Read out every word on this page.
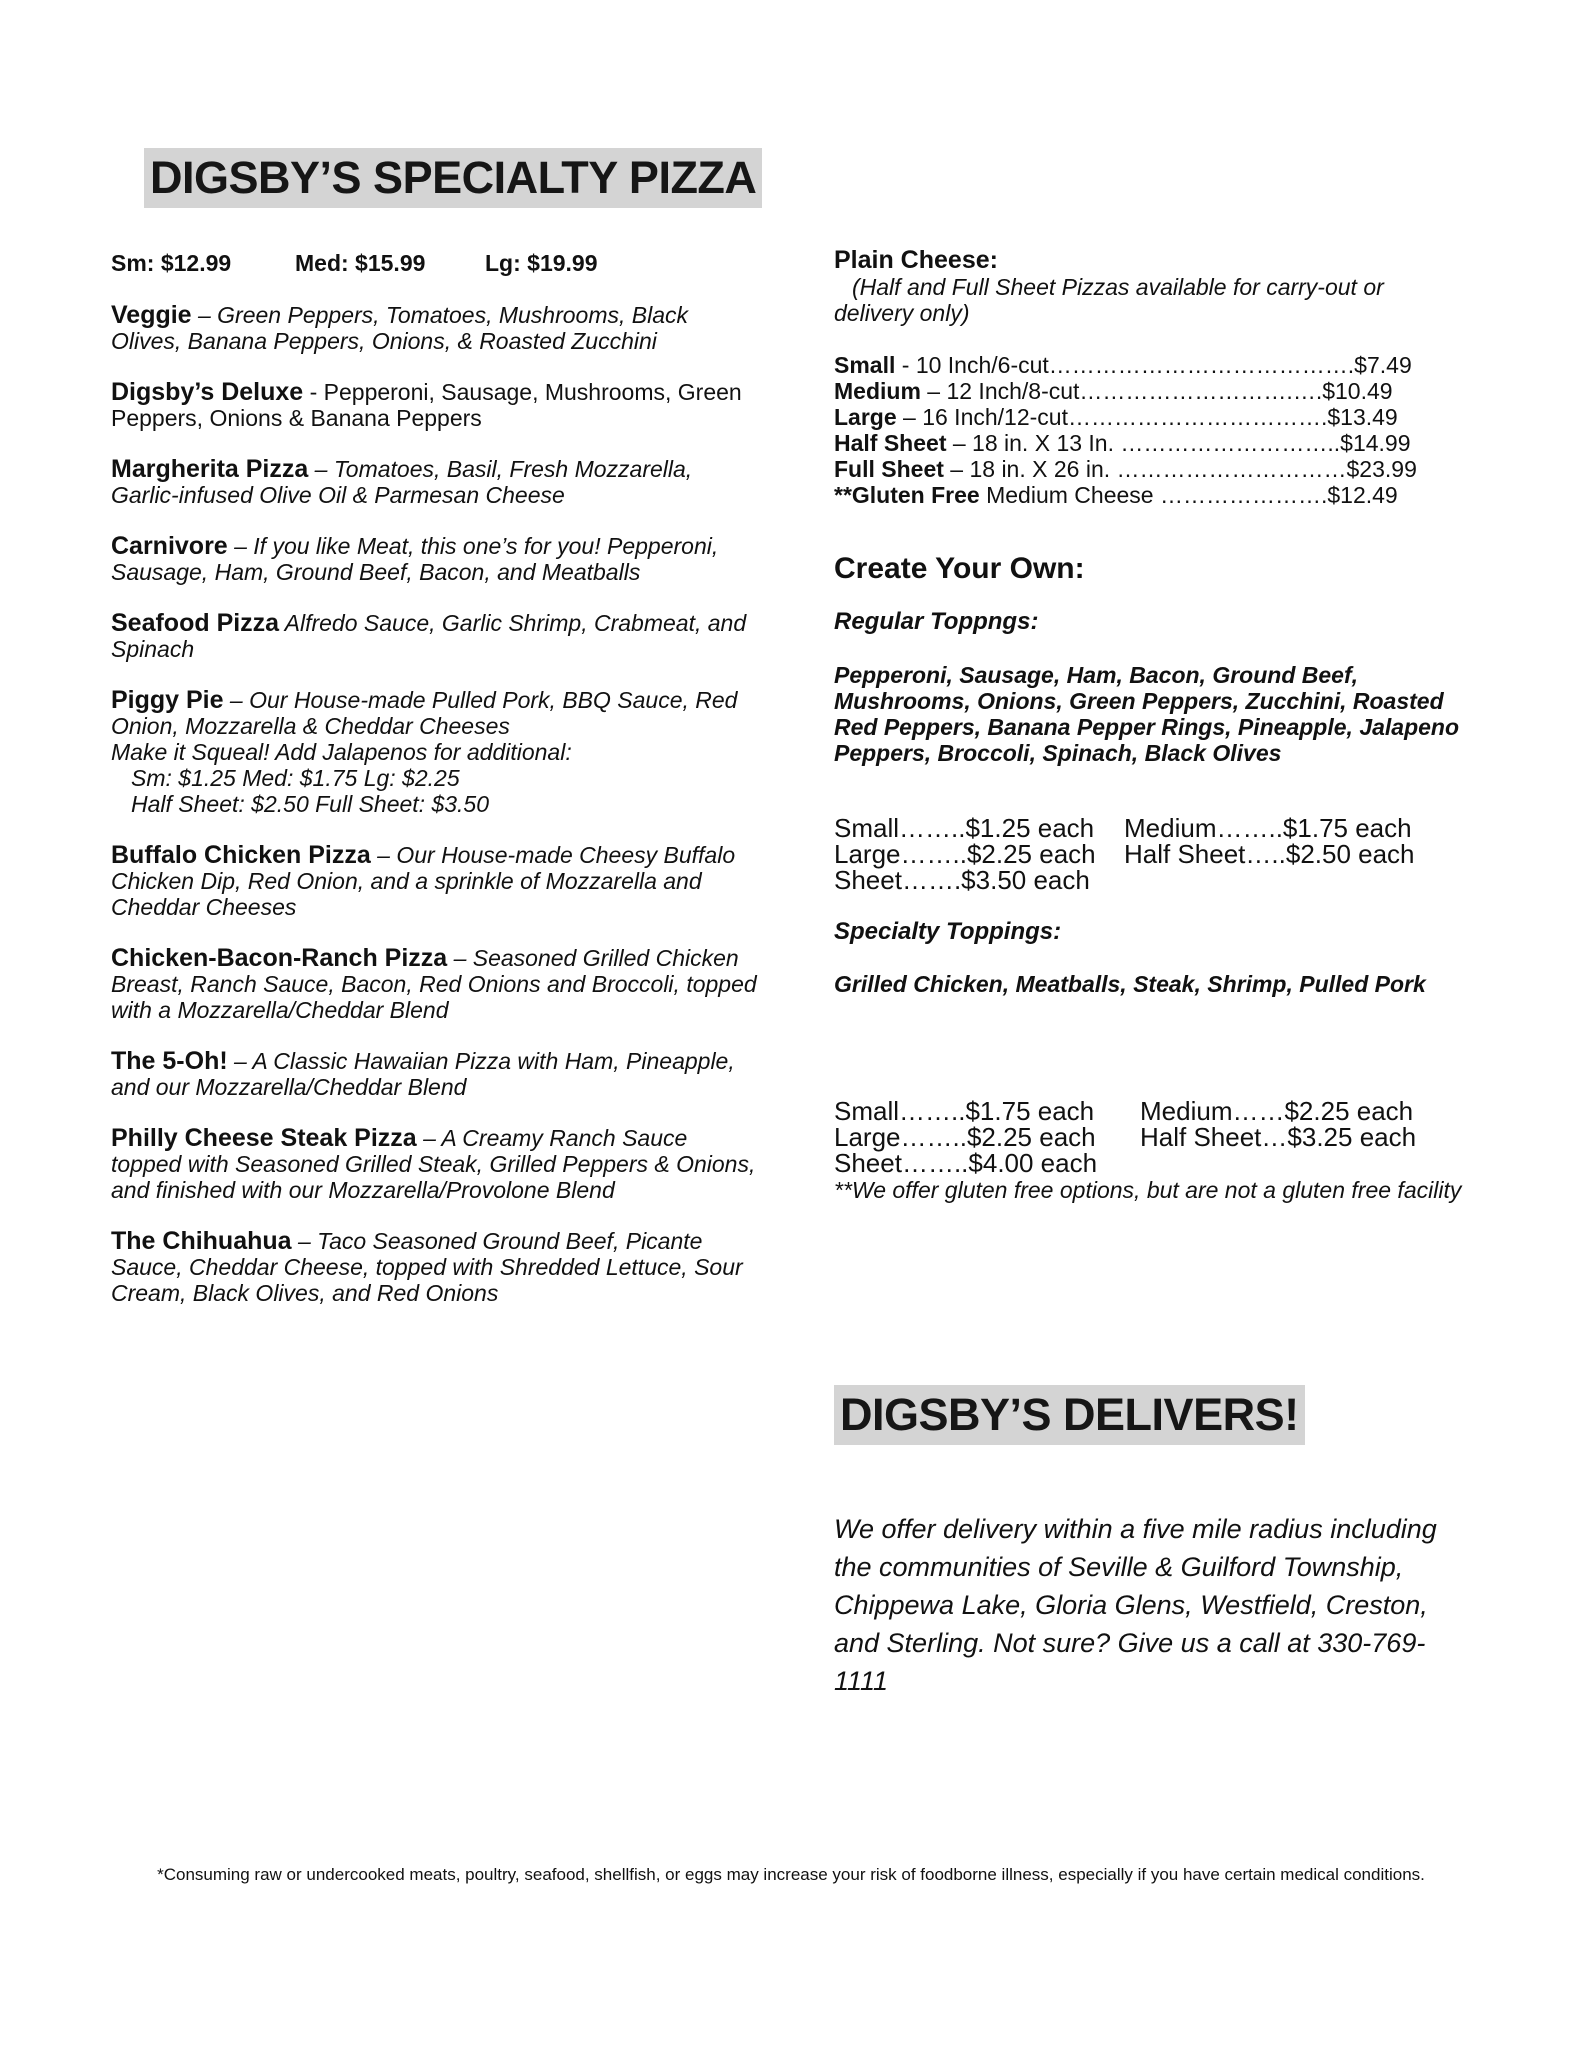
DIGSBY’S SPECIALTY PIZZA
Sm: $12.99	Med: $15.99	Lg: $19.99
Veggie – Green Peppers, Tomatoes, Mushrooms, Black Olives, Banana Peppers, Onions, & Roasted Zucchini
Digsby’s Deluxe - Pepperoni, Sausage, Mushrooms, Green Peppers, Onions & Banana Peppers
Margherita Pizza – Tomatoes, Basil, Fresh Mozzarella, Garlic-infused Olive Oil & Parmesan Cheese
Carnivore – If you like Meat, this one’s for you! Pepperoni, Sausage, Ham, Ground Beef, Bacon, and Meatballs
Seafood Pizza Alfredo Sauce, Garlic Shrimp, Crabmeat, and Spinach
Piggy Pie – Our House-made Pulled Pork, BBQ Sauce, Red Onion, Mozzarella & Cheddar Cheeses
Make it Squeal! Add Jalapenos for additional:
Sm: $1.25 Med: $1.75 Lg: $2.25
Half Sheet: $2.50 Full Sheet: $3.50
Buffalo Chicken Pizza – Our House-made Cheesy Buffalo Chicken Dip, Red Onion, and a sprinkle of Mozzarella and Cheddar Cheeses
Chicken-Bacon-Ranch Pizza – Seasoned Grilled Chicken Breast, Ranch Sauce, Bacon, Red Onions and Broccoli, topped with a Mozzarella/Cheddar Blend
The 5-Oh! – A Classic Hawaiian Pizza with Ham, Pineapple, and our Mozzarella/Cheddar Blend
Philly Cheese Steak Pizza – A Creamy Ranch Sauce topped with Seasoned Grilled Steak, Grilled Peppers & Onions, and finished with our Mozzarella/Provolone Blend
The Chihuahua – Taco Seasoned Ground Beef, Picante Sauce, Cheddar Cheese, topped with Shredded Lettuce, Sour Cream, Black Olives, and Red Onions
Plain Cheese:
(Half and Full Sheet Pizzas available for carry-out or
delivery only)
Small - 10 Inch/6-cut………………………………….$7.49
Medium – 12 Inch/8-cut……………………….….$10.49
Large – 16 Inch/12-cut…………………………….$13.49
Half Sheet – 18 in. X 13 In. ………………………..$14.99
Full Sheet – 18 in. X 26 in. …………………………$23.99
**Gluten Free Medium Cheese ………………….$12.49
Create Your Own:
Regular Toppngs:
Pepperoni, Sausage, Ham, Bacon, Ground Beef, Mushrooms, Onions, Green Peppers, Zucchini, Roasted Red Peppers, Banana Pepper Rings, Pineapple, Jalapeno Peppers, Broccoli, Spinach, Black Olives
Small……..$1.25 each Medium……..$1.75 each
Large……..$2.25 each Half Sheet…..$2.50 each
Sheet…….$3.50 each
Specialty Toppings:
Grilled Chicken, Meatballs, Steak, Shrimp, Pulled Pork
Small……..$1.75 each Medium……$2.25 each
Large……..$2.25 each Half Sheet…$3.25 each
Sheet……..$4.00 each
**We offer gluten free options, but are not a gluten free facility
DIGSBY’S DELIVERS!
We offer delivery within a five mile radius including the communities of Seville & Guilford Township, Chippewa Lake, Gloria Glens, Westfield, Creston, and Sterling. Not sure? Give us a call at 330-769-1111
*Consuming raw or undercooked meats, poultry, seafood, shellfish, or eggs may increase your risk of foodborne illness, especially if you have certain medical conditions.
